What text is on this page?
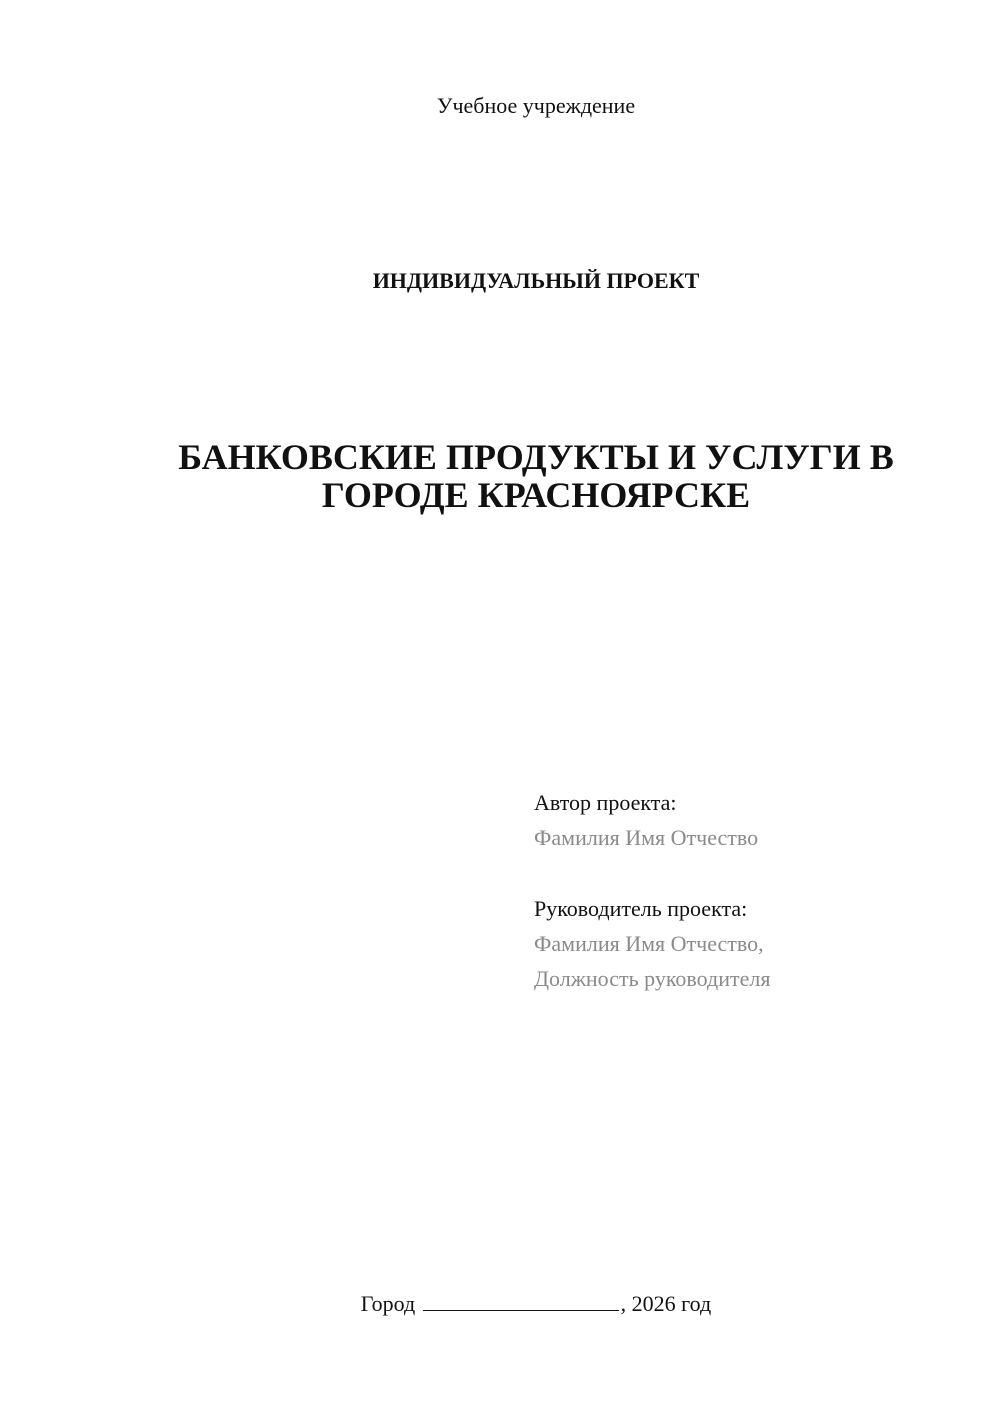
Учебное учреждение
ИНДИВИДУАЛЬНЫЙ ПРОЕКТ
БАНКОВСКИЕ ПРОДУКТЫ И УСЛУГИ В
ГОРОДЕ КРАСНОЯРСКЕ
Автор проекта:
Фамилия Имя Отчество
Руководитель проекта:
Фамилия Имя Отчество,
Должность руководителя
Город	, 2026 год
